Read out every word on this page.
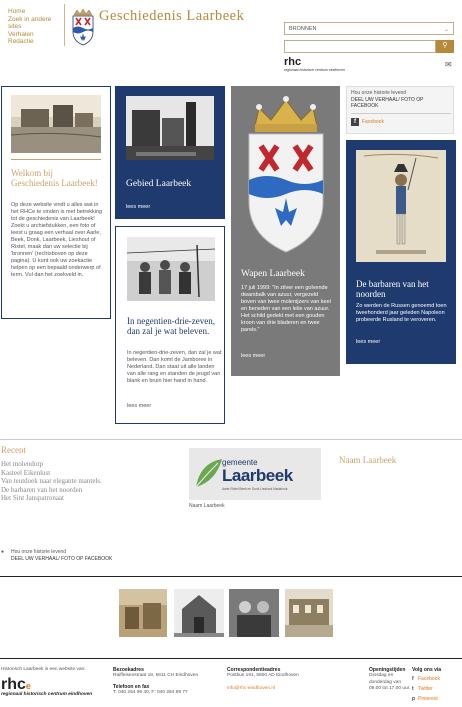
Home
Zoek in andere sites
Verhalen
Redactie
Geschiedenis Laarbeek
BRONNEN	⌄
⚲
rhc
regionaal historisch centrum eindhoven
✉
Welkom bij Geschiedenis Laarbeek!
Op deze website vindt u alles wat in het RHCe te vinden is met betrekking tot de geschiedenis van Laarbeek! Zoekt u archiefstukken, een foto of leest u graag een verhaal over Aarle, Beek, Donk, Laarbeek, Lieshout of Rixtel, maak dan uw selectie bij 'bronnen' (rechtsboven op deze pagina). U kunt ook uw zoekactie helpen op een bepaald onderwerp of term. Vul dan het zoekveld in.
Gebied Laarbeek
lees meer
In negentien-drie-zeven, dan zal je wat beleven.
In negentien-drie-zeven, dan zal je wat beleven. Dan komt de Jamboree in Nederland. Dan staat uit alle landen van alle rang en standen de jeugd van blank en bruin hier hand in hand.
lees meer
Wapen Laarbeek
17 juli 1999: "In zilver een golvende dwarsbalk van azuur, vergezeld boven van twee molenijzers van keel en beneden van een lelie van azuur. Het schild gedekt met een gouden kroon van drie bladeren en twee parels."
lees meer
Hou onze historie levend
DEEL UW VERHAAL/ FOTO OP FACEBOOK
f	Facebook
De barbaren van het noorden
Zo werden de Russen genoemd toen tweehonderd jaar geleden Napoleon probeerde Rusland te veroveren.
lees meer
Recent
Het molendorp
Kasteel Eikenlust
Van teutdoek naar elegante mantels.
De barbaren van het noorden
Het Sint Janspatronaat
gemeente
Laarbeek
Aarle-Rixtel Beek en Donk Lieshout Mariahout
Naam Laarbeek
Naam Laarbeek
● Hou onze historie levend
DEEL UW VERHAAL/ FOTO OP FACEBOOK
Historisch Laarbeek is een website van:
rhce
regionaal historisch centrum eindhoven
Bezoekadres
Raiffeisenstraat 18, 5611 CH Eindhoven
Telefoon en fax
T: 040 264 99 40, F: 040 264 99 77
Correspondentieadres
Postbus 191, 5600 AD Eindhoven
info@rhc-eindhoven.nl
Openingstijden
Dinsdag en donderdag van 09.00 tot 17.00 uur.
Volg ons via
f Facebook
t Twitter
p Pinterest
